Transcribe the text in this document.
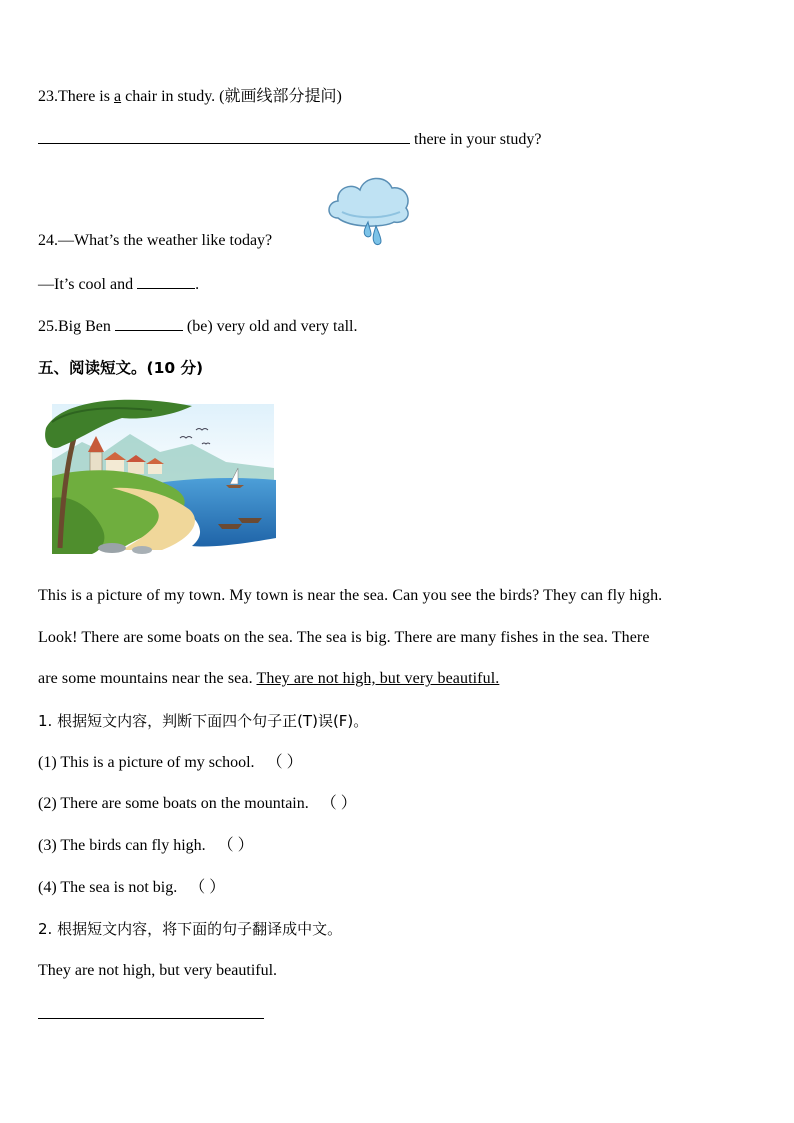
23.There is a chair in study. (就画线部分提问)
there in your study?
24.—What’s the weather like today?
—It’s cool and	.
25.Big Ben	(be) very old and very tall.
五、阅读短文。(10 分)
This is a picture of my town. My town is near the sea. Can you see the birds? They can fly high.
Look! There are some boats on the sea. The sea is big. There are many fishes in the sea. There
are some mountains near the sea. They are not high, but very beautiful.
1. 根据短文内容，判断下面四个句子正(T)误(F)。
(1) This is a picture of my school. （ ）
(2) There are some boats on the mountain. （ ）
(3) The birds can fly high. （ ）
(4) The sea is not big. （ ）
2. 根据短文内容，将下面的句子翻译成中文。
They are not high, but very beautiful.
